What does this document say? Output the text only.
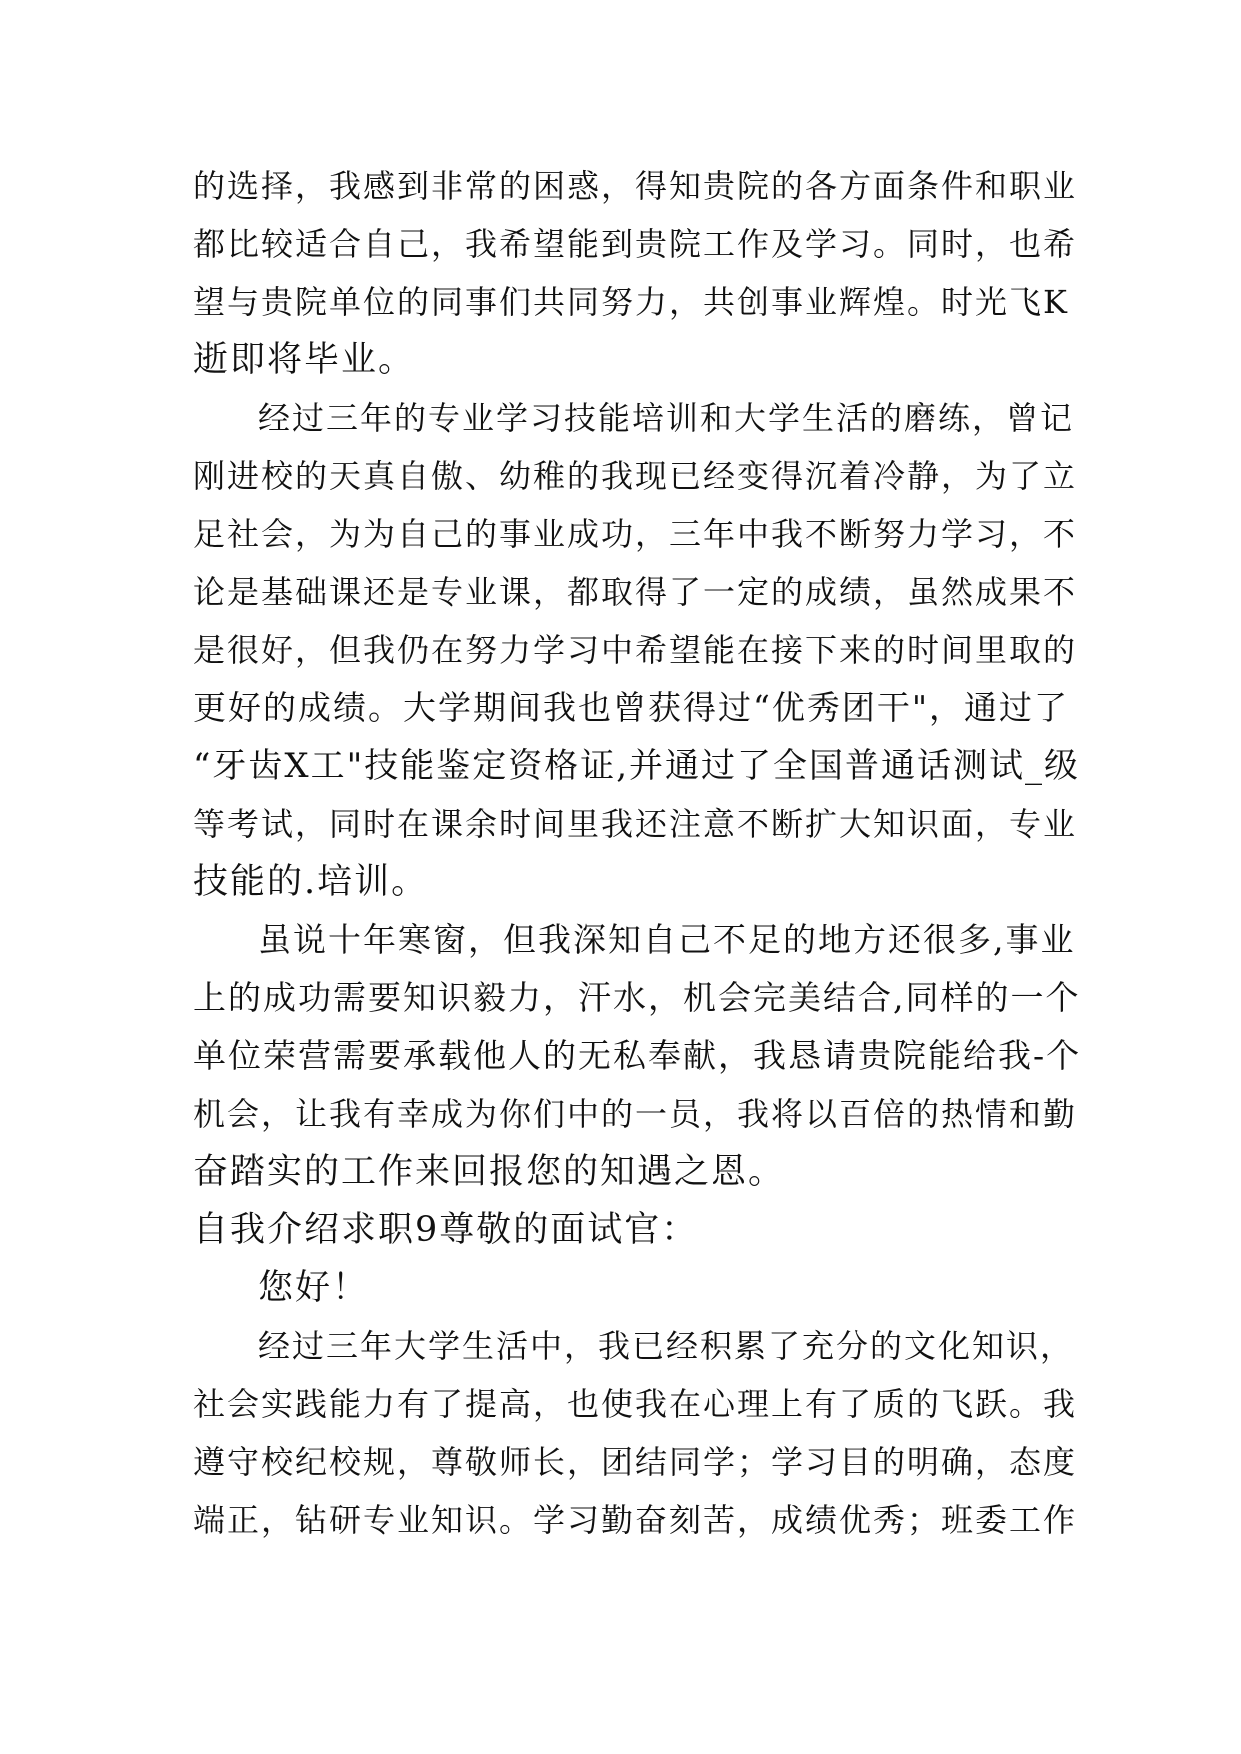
的选择，我感到非常的困惑，得知贵院的各方面条件和职业
都比较适合自己，我希望能到贵院工作及学习。同时，也希
望与贵院单位的同事们共同努力，共创事业辉煌。时光飞K
逝即将毕业。
经过三年的专业学习技能培训和大学生活的磨练，曾记
刚进校的天真自傲、幼稚的我现已经变得沉着冷静，为了立
足社会，为为自己的事业成功，三年中我不断努力学习，不
论是基础课还是专业课，都取得了一定的成绩，虽然成果不
是很好，但我仍在努力学习中希望能在接下来的时间里取的
更好的成绩。大学期间我也曾获得过“优秀团干"，通过了
“牙齿X工"技能鉴定资格证,并通过了全国普通话测试_级
等考试，同时在课余时间里我还注意不断扩大知识面，专业
技能的.培训。
虽说十年寒窗，但我深知自己不足的地方还很多,事业
上的成功需要知识毅力，汗水，机会完美结合,同样的一个
单位荣营需要承载他人的无私奉献，我恳请贵院能给我-个
机会，让我有幸成为你们中的一员，我将以百倍的热情和勤
奋踏实的工作来回报您的知遇之恩。
自我介绍求职9尊敬的面试官：
您好！
经过三年大学生活中，我已经积累了充分的文化知识，
社会实践能力有了提高，也使我在心理上有了质的飞跃。我
遵守校纪校规，尊敬师长，团结同学；学习目的明确，态度
端正，钻研专业知识。学习勤奋刻苦，成绩优秀；班委工作
